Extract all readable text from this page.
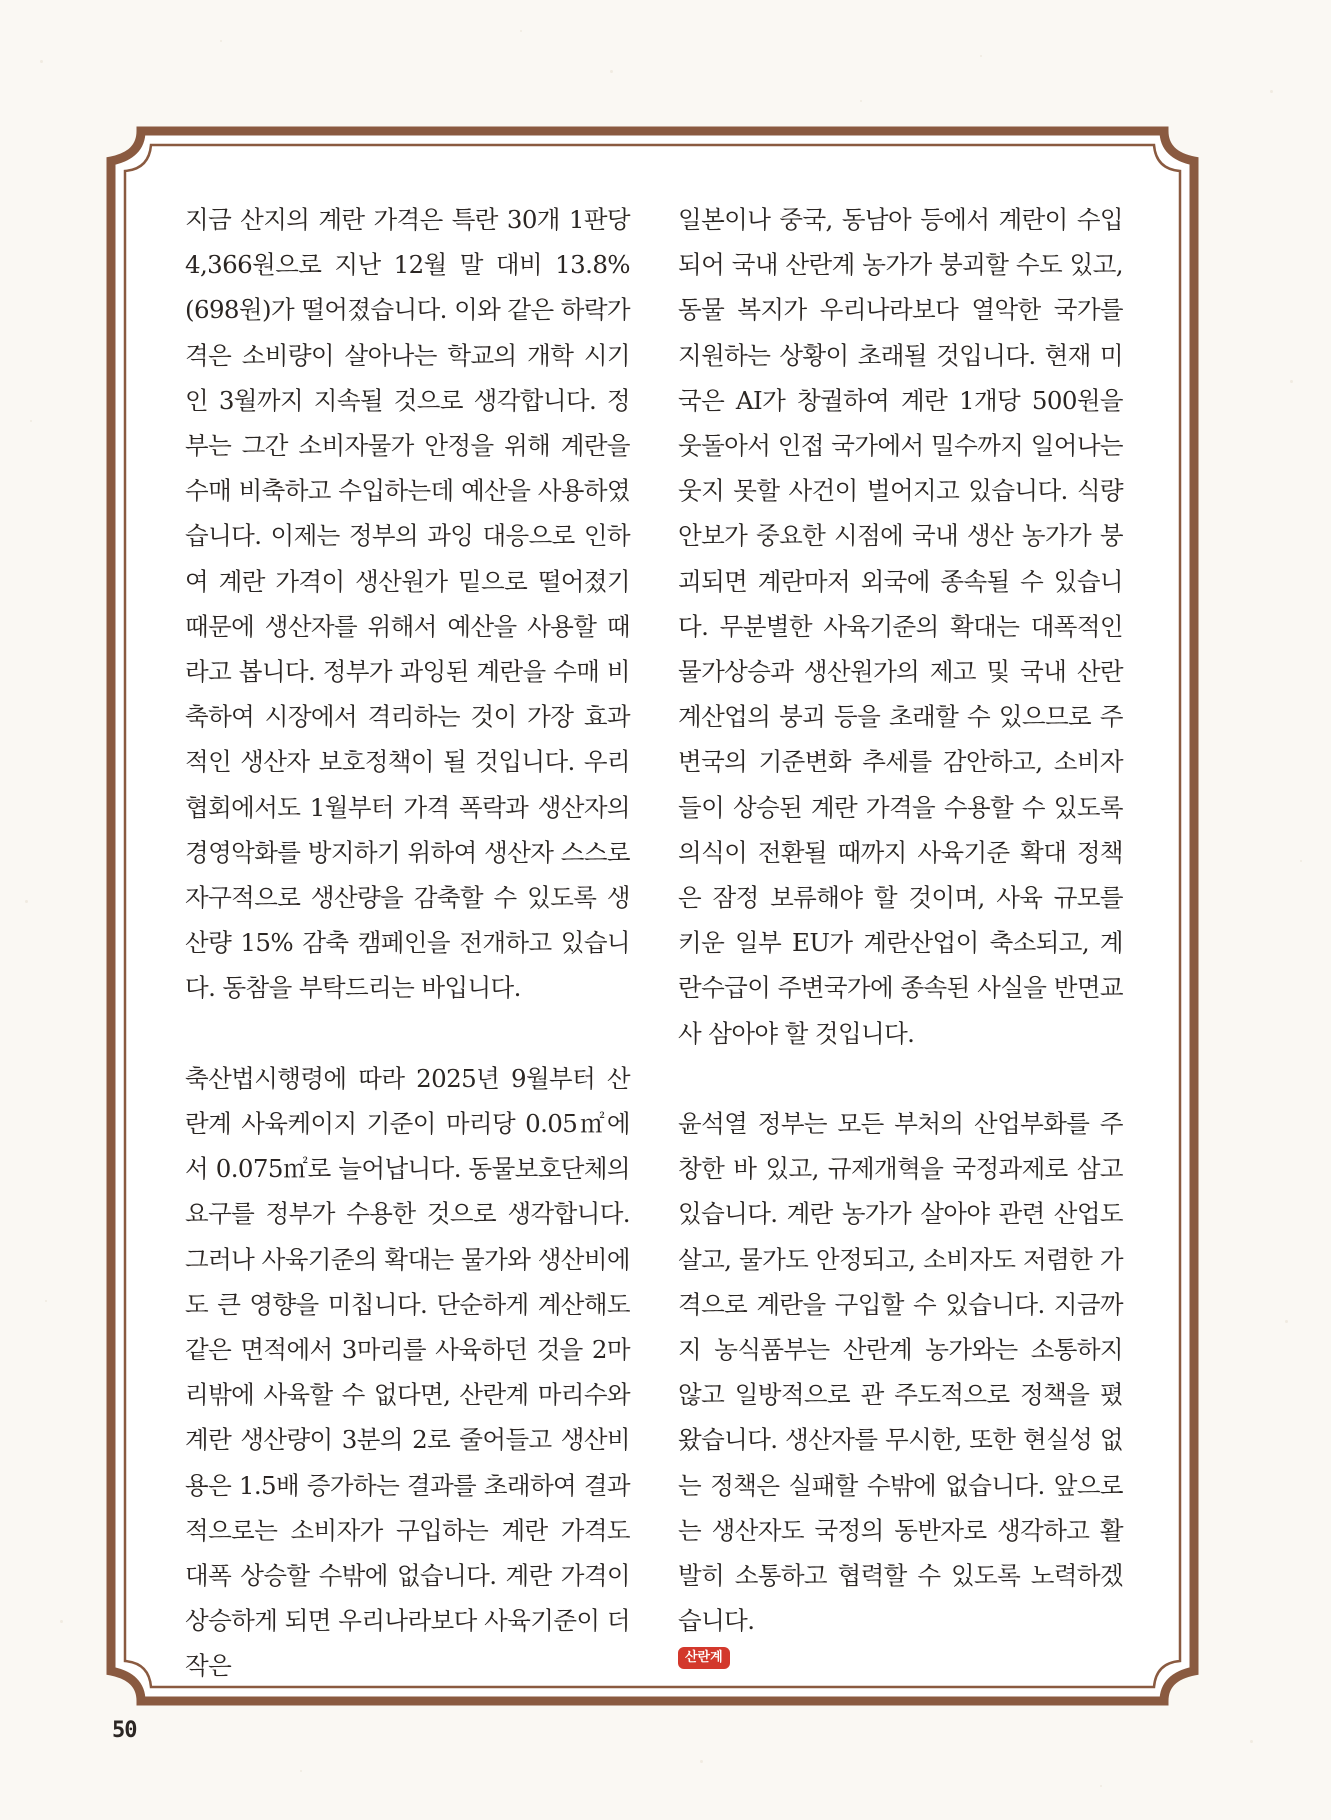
지금 산지의 계란 가격은 특란 30개 1판당 4,366원으로 지난 12월 말 대비 13.8%(698원)가 떨어졌습니다. 이와 같은 하락가격은 소비량이 살아나는 학교의 개학 시기인 3월까지 지속될 것으로 생각합니다. 정부는 그간 소비자물가 안정을 위해 계란을 수매 비축하고 수입하는데 예산을 사용하였습니다. 이제는 정부의 과잉 대응으로 인하여 계란 가격이 생산원가 밑으로 떨어졌기 때문에 생산자를 위해서 예산을 사용할 때라고 봅니다. 정부가 과잉된 계란을 수매 비축하여 시장에서 격리하는 것이 가장 효과적인 생산자 보호정책이 될 것입니다. 우리 협회에서도 1월부터 가격 폭락과 생산자의 경영악화를 방지하기 위하여 생산자 스스로 자구적으로 생산량을 감축할 수 있도록 생산량 15% 감축 캠페인을 전개하고 있습니다. 동참을 부탁드리는 바입니다.

축산법시행령에 따라 2025년 9월부터 산란계 사육케이지 기준이 마리당 0.05㎡에서 0.075㎡로 늘어납니다. 동물보호단체의 요구를 정부가 수용한 것으로 생각합니다. 그러나 사육기준의 확대는 물가와 생산비에도 큰 영향을 미칩니다. 단순하게 계산해도 같은 면적에서 3마리를 사육하던 것을 2마리밖에 사육할 수 없다면, 산란계 마리수와 계란 생산량이 3분의 2로 줄어들고 생산비용은 1.5배 증가하는 결과를 초래하여 결과적으로는 소비자가 구입하는 계란 가격도 대폭 상승할 수밖에 없습니다. 계란 가격이 상승하게 되면 우리나라보다 사육기준이 더 작은

일본이나 중국, 동남아 등에서 계란이 수입되어 국내 산란계 농가가 붕괴할 수도 있고, 동물 복지가 우리나라보다 열악한 국가를 지원하는 상황이 초래될 것입니다. 현재 미국은 AI가 창궐하여 계란 1개당 500원을 웃돌아서 인접 국가에서 밀수까지 일어나는 웃지 못할 사건이 벌어지고 있습니다. 식량안보가 중요한 시점에 국내 생산 농가가 붕괴되면 계란마저 외국에 종속될 수 있습니다. 무분별한 사육기준의 확대는 대폭적인 물가상승과 생산원가의 제고 및 국내 산란계산업의 붕괴 등을 초래할 수 있으므로 주변국의 기준변화 추세를 감안하고, 소비자들이 상승된 계란 가격을 수용할 수 있도록 의식이 전환될 때까지 사육기준 확대 정책은 잠정 보류해야 할 것이며, 사육 규모를 키운 일부 EU가 계란산업이 축소되고, 계란수급이 주변국가에 종속된 사실을 반면교사 삼아야 할 것입니다.

윤석열 정부는 모든 부처의 산업부화를 주창한 바 있고, 규제개혁을 국정과제로 삼고 있습니다. 계란 농가가 살아야 관련 산업도 살고, 물가도 안정되고, 소비자도 저렴한 가격으로 계란을 구입할 수 있습니다. 지금까지 농식품부는 산란계 농가와는 소통하지 않고 일방적으로 관 주도적으로 정책을 폈왔습니다. 생산자를 무시한, 또한 현실성 없는 정책은 실패할 수밖에 없습니다. 앞으로는 생산자도 국정의 동반자로 생각하고 활발히 소통하고 협력할 수 있도록 노력하겠습니다.

산란계
50
